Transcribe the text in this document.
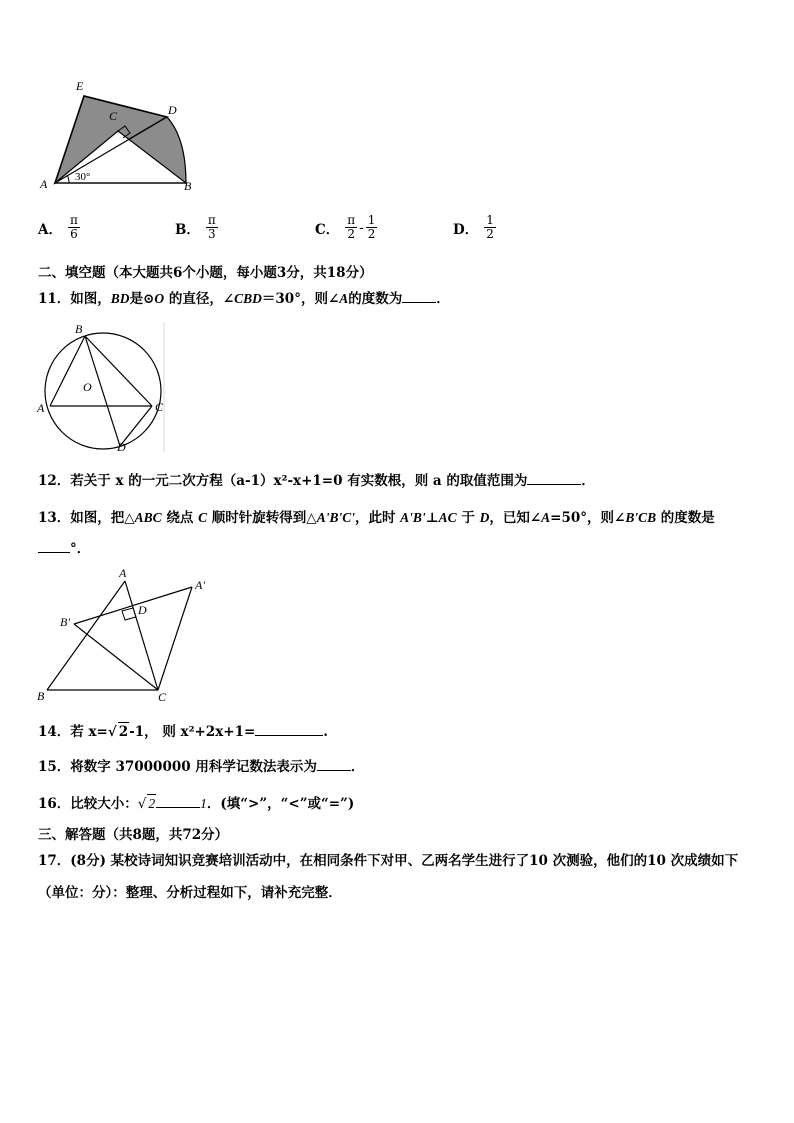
E
D
C
A	B
30°
A． $\frac{\pi}{6}$	B． $\frac{\pi}{3}$	C． $\frac{\pi}{2} - \frac{1}{2}$	D． $\frac{1}{2}$
二、填空题（本大题共6个小题，每小题3分，共18分）
11．如图，BD是⊙O 的直径，∠CBD＝30°，则∠A的度数为	．
B
O
A	C
D
12．若关于 x 的一元二次方程（a-1）x²-x+1=0 有实数根，则 a 的取值范围为	．
13．如图，把△ABC 绕点 C 顺时针旋转得到△A'B'C'，此时 A'B'⊥AC 于 D，已知∠A=50°，则∠B'CB 的度数是
°．
A
A'
B'
D
B	C
14．若 x=√ 2-1， 则 x²+2x+1=	.
15．将数字 37000000 用科学记数法表示为	．
16．比较大小：√ 2	1．(填“>”，“<”或“=”)
三、解答题（共8题，共72分）
17．(8分) 某校诗词知识竞赛培训活动中，在相同条件下对甲、乙两名学生进行了10 次测验，他们的10 次成绩如下
（单位：分）：整理、分析过程如下，请补充完整．
